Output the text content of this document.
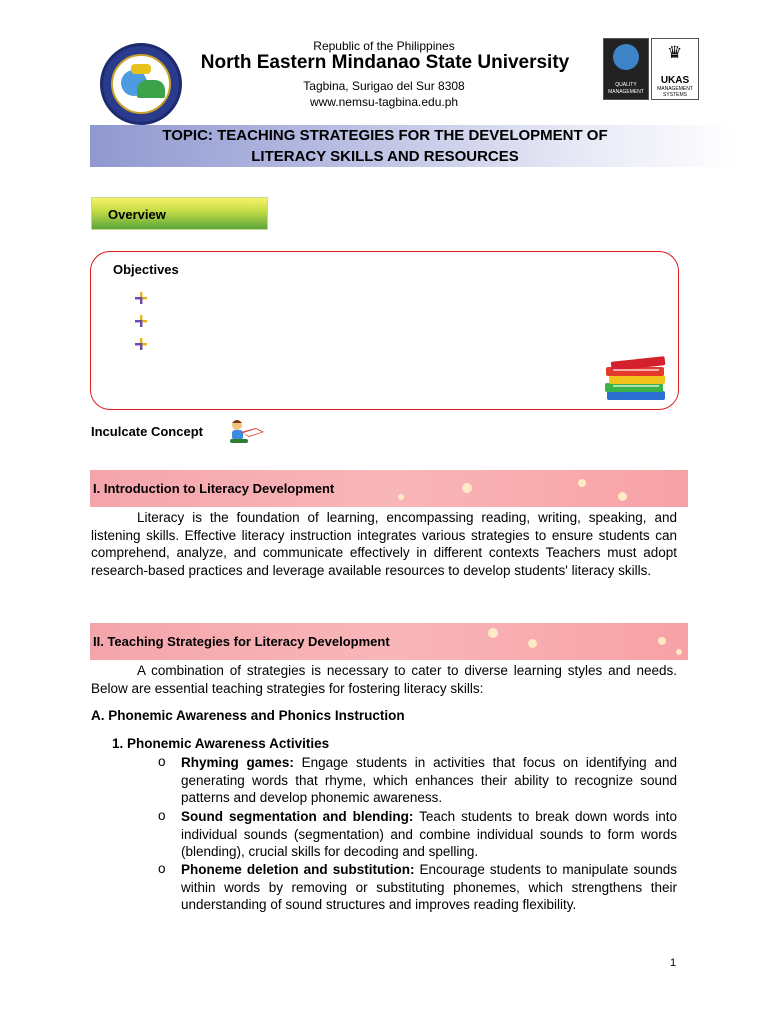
Republic of the Philippines
North Eastern Mindanao State University
Tagbina, Surigao del Sur 8308
www.nemsu-tagbina.edu.ph
QUALITY
MANAGEMENT
♛
UKAS
MANAGEMENT
SYSTEMS
TOPIC: TEACHING STRATEGIES FOR THE DEVELOPMENT OF
LITERACY SKILLS AND RESOURCES
Overview
Objectives
Inculcate Concept
I. Introduction to Literacy Development
Literacy is the foundation of learning, encompassing reading, writing, speaking, and listening skills. Effective literacy instruction integrates various strategies to ensure students can comprehend, analyze, and communicate effectively in different contexts Teachers must adopt research-based practices and leverage available resources to develop students' literacy skills.
II. Teaching Strategies for Literacy Development
A combination of strategies is necessary to cater to diverse learning styles and needs. Below are essential teaching strategies for fostering literacy skills:
A. Phonemic Awareness and Phonics Instruction
1. Phonemic Awareness Activities
o Rhyming games: Engage students in activities that focus on identifying and generating words that rhyme, which enhances their ability to recognize sound patterns and develop phonemic awareness.
o Sound segmentation and blending: Teach students to break down words into individual sounds (segmentation) and combine individual sounds to form words (blending), crucial skills for decoding and spelling.
o Phoneme deletion and substitution: Encourage students to manipulate sounds within words by removing or substituting phonemes, which strengthens their understanding of sound structures and improves reading flexibility.
1
